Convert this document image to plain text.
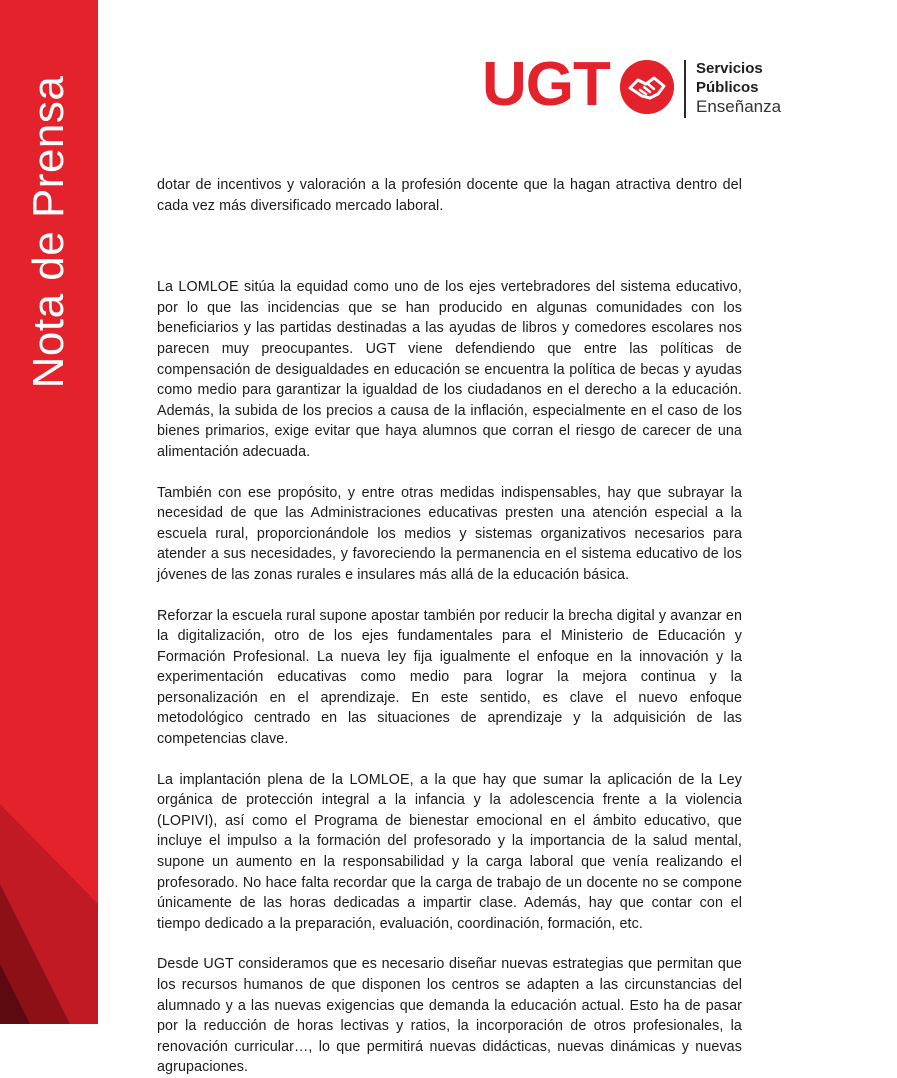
Nota de Prensa	UGT	Servicios
Públicos
Enseñanza

dotar de incentivos y valoración a la profesión docente que la hagan atractiva dentro del cada vez más diversificado mercado laboral.

La LOMLOE sitúa la equidad como uno de los ejes vertebradores del sistema educativo, por lo que las incidencias que se han producido en algunas comunidades con los beneficiarios y las partidas destinadas a las ayudas de libros y comedores escolares nos parecen muy preocupantes. UGT viene defendiendo que entre las políticas de compensación de desigualdades en educación se encuentra la política de becas y ayudas como medio para garantizar la igualdad de los ciudadanos en el derecho a la educación. Además, la subida de los precios a causa de la inflación, especialmente en el caso de los bienes primarios, exige evitar que haya alumnos que corran el riesgo de carecer de una alimentación adecuada.

También con ese propósito, y entre otras medidas indispensables, hay que subrayar la necesidad de que las Administraciones educativas presten una atención especial a la escuela rural, proporcionándole los medios y sistemas organizativos necesarios para atender a sus necesidades, y favoreciendo la permanencia en el sistema educativo de los jóvenes de las zonas rurales e insulares más allá de la educación básica.

Reforzar la escuela rural supone apostar también por reducir la brecha digital y avanzar en la digitalización, otro de los ejes fundamentales para el Ministerio de Educación y Formación Profesional. La nueva ley fija igualmente el enfoque en la innovación y la experimentación educativas como medio para lograr la mejora continua y la personalización en el aprendizaje. En este sentido, es clave el nuevo enfoque metodológico centrado en las situaciones de aprendizaje y la adquisición de las competencias clave.

La implantación plena de la LOMLOE, a la que hay que sumar la aplicación de la Ley orgánica de protección integral a la infancia y la adolescencia frente a la violencia (LOPIVI), así como el Programa de bienestar emocional en el ámbito educativo, que incluye el impulso a la formación del profesorado y la importancia de la salud mental, supone un aumento en la responsabilidad y la carga laboral que venía realizando el profesorado. No hace falta recordar que la carga de trabajo de un docente no se compone únicamente de las horas dedicadas a impartir clase. Además, hay que contar con el tiempo dedicado a la preparación, evaluación, coordinación, formación, etc.

Desde UGT consideramos que es necesario diseñar nuevas estrategias que permitan que los recursos humanos de que disponen los centros se adapten a las circunstancias del alumnado y a las nuevas exigencias que demanda la educación actual. Esto ha de pasar por la reducción de horas lectivas y ratios, la incorporación de otros profesionales, la renovación curricular…, lo que permitirá nuevas didácticas, nuevas dinámicas y nuevas agrupaciones.
